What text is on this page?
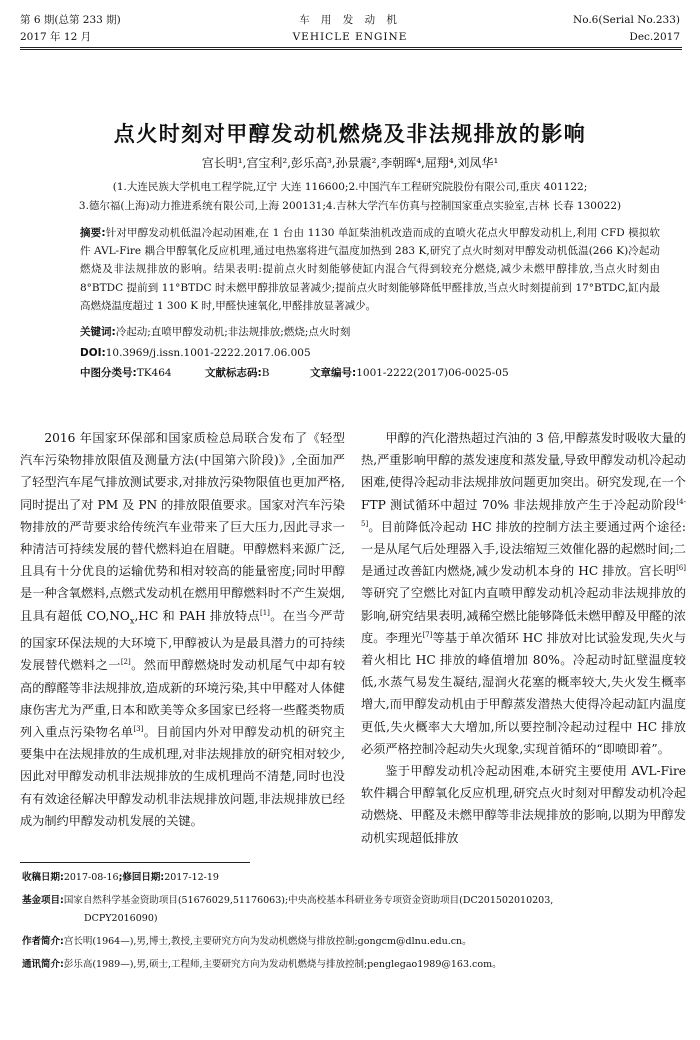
第 6 期(总第 233 期)
2017 年 12 月
车 用 发 动 机
VEHICLE ENGINE
No.6(Serial No.233)
Dec.2017
点火时刻对甲醇发动机燃烧及非法规排放的影响
宫长明¹,宫宝利²,彭乐高³,孙景震²,李朝晖⁴,屈翔⁴,刘凤华¹
(1.大连民族大学机电工程学院,辽宁 大连 116600;2.中国汽车工程研究院股份有限公司,重庆 401122;
3.德尔福(上海)动力推进系统有限公司,上海 200131;4.吉林大学汽车仿真与控制国家重点实验室,吉林 长春 130022)
摘要:针对甲醇发动机低温冷起动困难,在 1 台由 1130 单缸柴油机改造而成的直喷火花点火甲醇发动机上,利用 CFD 模拟软件 AVL-Fire 耦合甲醇氧化反应机理,通过电热塞将进气温度加热到 283 K,研究了点火时刻对甲醇发动机低温(266 K)冷起动燃烧及非法规排放的影响。结果表明:提前点火时刻能够使缸内混合气得到较充分燃烧,减少未燃甲醇排放,当点火时刻由 8°BTDC 提前到 11°BTDC 时未燃甲醇排放显著减少;提前点火时刻能够降低甲醛排放,当点火时刻提前到 17°BTDC,缸内最高燃烧温度超过 1 300 K 时,甲醛快速氧化,甲醛排放显著减少。
关键词:冷起动;直喷甲醇发动机;非法规排放;燃烧;点火时刻
DOI:10.3969/j.issn.1001-2222.2017.06.005
中图分类号:TK464	文献标志码:B	文章编号:1001-2222(2017)06-0025-05

2016 年国家环保部和国家质检总局联合发布了《轻型汽车污染物排放限值及测量方法(中国第六阶段)》,全面加严了轻型汽车尾气排放测试要求,对排放污染物限值也更加严格,同时提出了对 PM 及 PN 的排放限值要求。国家对汽车污染物排放的严苛要求给传统汽车业带来了巨大压力,因此寻求一种清洁可持续发展的替代燃料迫在眉睫。甲醇燃料来源广泛,且具有十分优良的运输优势和相对较高的能量密度;同时甲醇是一种含氧燃料,点燃式发动机在燃用甲醇燃料时不产生炭烟,且具有超低 $CO,NO_x,HC$ 和 PAH 排放特点[1]。在当今严苛的国家环保法规的大环境下,甲醇被认为是最具潜力的可持续发展替代燃料之一[2]。然而甲醇燃烧时发动机尾气中却有较高的醇醛等非法规排放,造成新的环境污染,其中甲醛对人体健康伤害尤为严重,日本和欧美等众多国家已经将一些醛类物质列入重点污染物名单[3]。目前国内外对甲醇发动机的研究主要集中在法规排放的生成机理,对非法规排放的研究相对较少,因此对甲醇发动机非法规排放的生成机理尚不清楚,同时也没有有效途径解决甲醇发动机非法规排放问题,非法规排放已经成为制约甲醇发动机发展的关键。

甲醇的汽化潜热超过汽油的 3 倍,甲醇蒸发时吸收大量的热,严重影响甲醇的蒸发速度和蒸发量,导致甲醇发动机冷起动困难,使得冷起动非法规排放问题更加突出。研究发现,在一个 FTP 测试循环中超过 70% 非法规排放产生于冷起动阶段[4-5]。目前降低冷起动 HC 排放的控制方法主要通过两个途径:一是从尾气后处理器入手,设法缩短三效催化器的起燃时间;二是通过改善缸内燃烧,减少发动机本身的 HC 排放。宫长明[6]等研究了空燃比对缸内直喷甲醇发动机冷起动非法规排放的影响,研究结果表明,减稀空燃比能够降低未燃甲醇及甲醛的浓度。李理光[7]等基于单次循环 HC 排放对比试验发现,失火与着火相比 HC 排放的峰值增加 80%。冷起动时缸壁温度较低,水蒸气易发生凝结,湿润火花塞的概率较大,失火发生概率增大,而甲醇发动机由于甲醇蒸发潜热大使得冷起动缸内温度更低,失火概率大大增加,所以要控制冷起动过程中 HC 排放必须严格控制冷起动失火现象,实现首循环的“即喷即着”。

鉴于甲醇发动机冷起动困难,本研究主要使用 AVL-Fire 软件耦合甲醇氧化反应机理,研究点火时刻对甲醇发动机冷起动燃烧、甲醛及未燃甲醇等非法规排放的影响,以期为甲醇发动机实现超低排放

收稿日期:2017-08-16;修回日期:2017-12-19
基金项目:国家自然科学基金资助项目(51676029,51176063);中央高校基本科研业务专项资金资助项目(DC201502010203,
DCPY2016090)
作者简介:宫长明(1964—),男,博士,教授,主要研究方向为发动机燃烧与排放控制;gongcm@dlnu.edu.cn。
通讯简介:彭乐高(1989—),男,硕士,工程师,主要研究方向为发动机燃烧与排放控制;penglegao1989@163.com。
